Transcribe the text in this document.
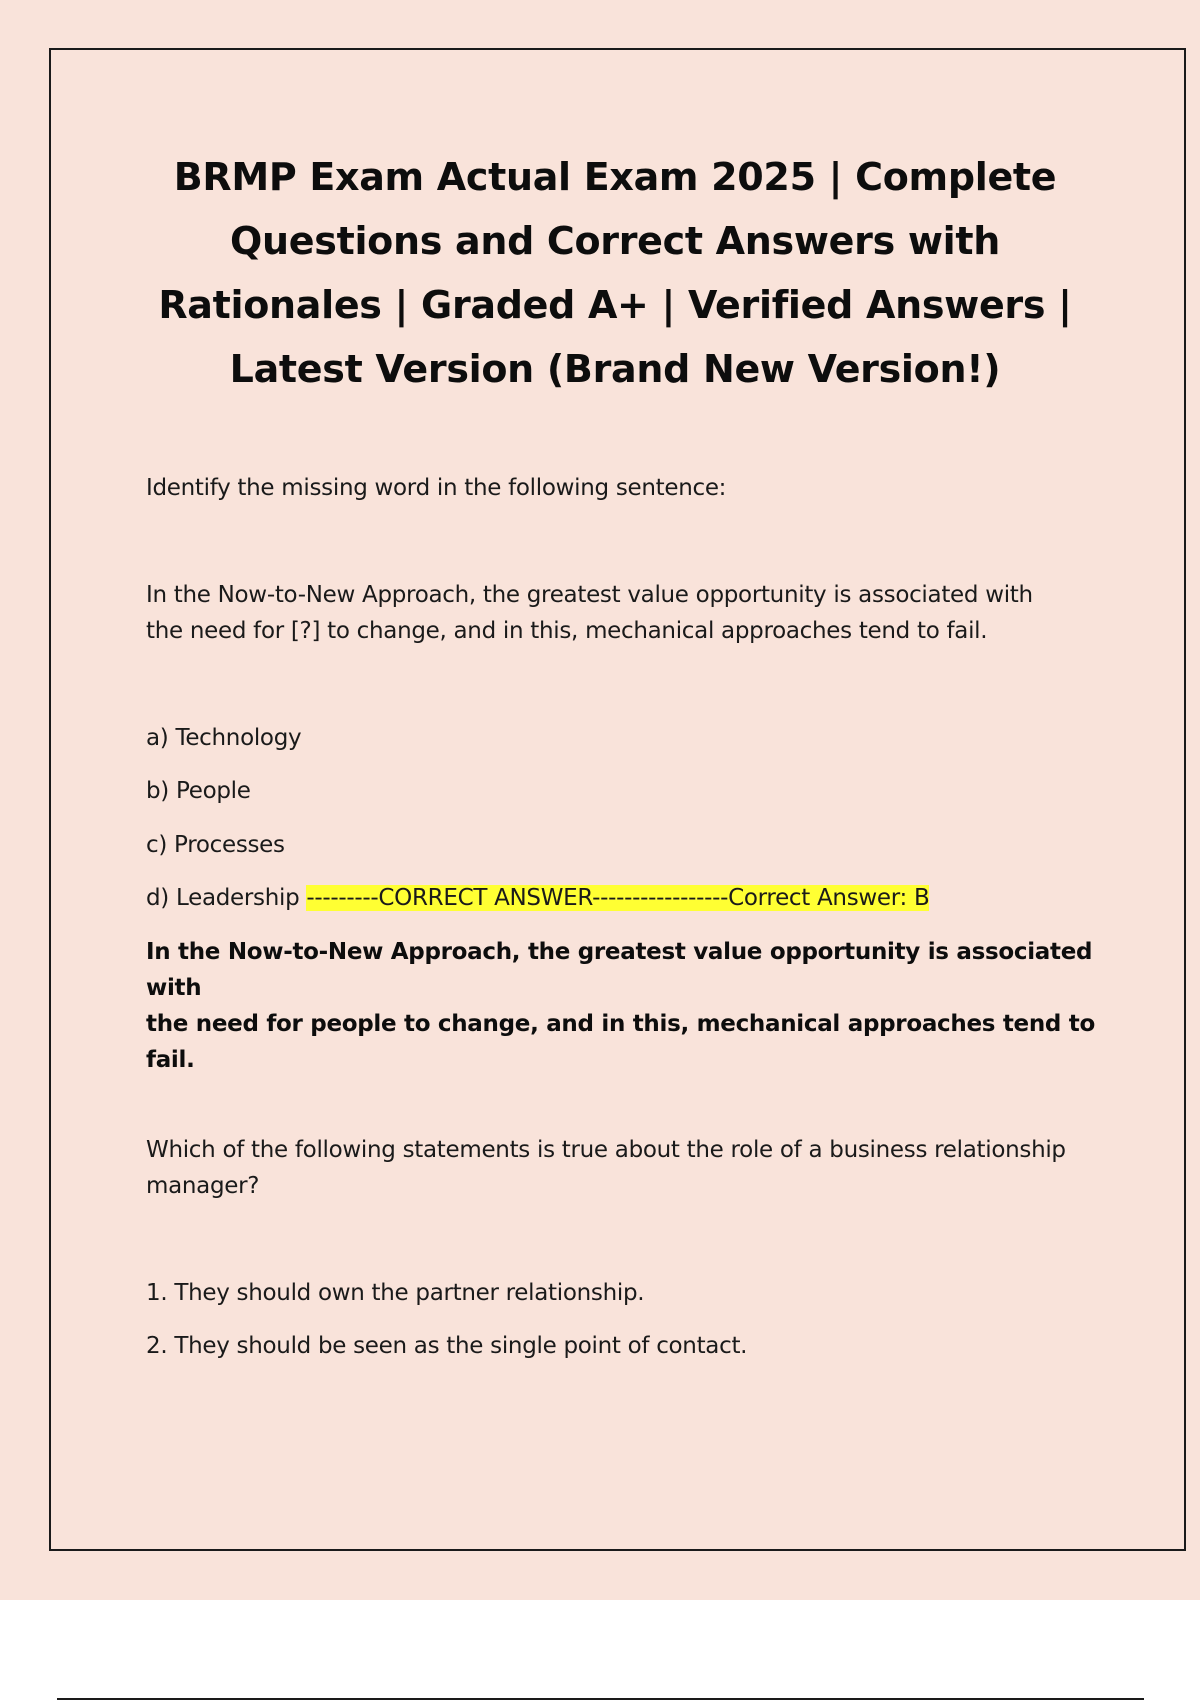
BRMP Exam Actual Exam 2025 | Complete Questions and Correct Answers with Rationales | Graded A+ | Verified Answers | Latest Version (Brand New Version!)

Identify the missing word in the following sentence:

In the Now-to-New Approach, the greatest value opportunity is associated with
the need for [?] to change, and in this, mechanical approaches tend to fail.

a) Technology

b) People

c) Processes

d) Leadership ---------CORRECT ANSWER-----------------Correct Answer: B

In the Now-to-New Approach, the greatest value opportunity is associated with
the need for people to change, and in this, mechanical approaches tend to fail.

Which of the following statements is true about the role of a business relationship
manager?

1. They should own the partner relationship.

2. They should be seen as the single point of contact.
